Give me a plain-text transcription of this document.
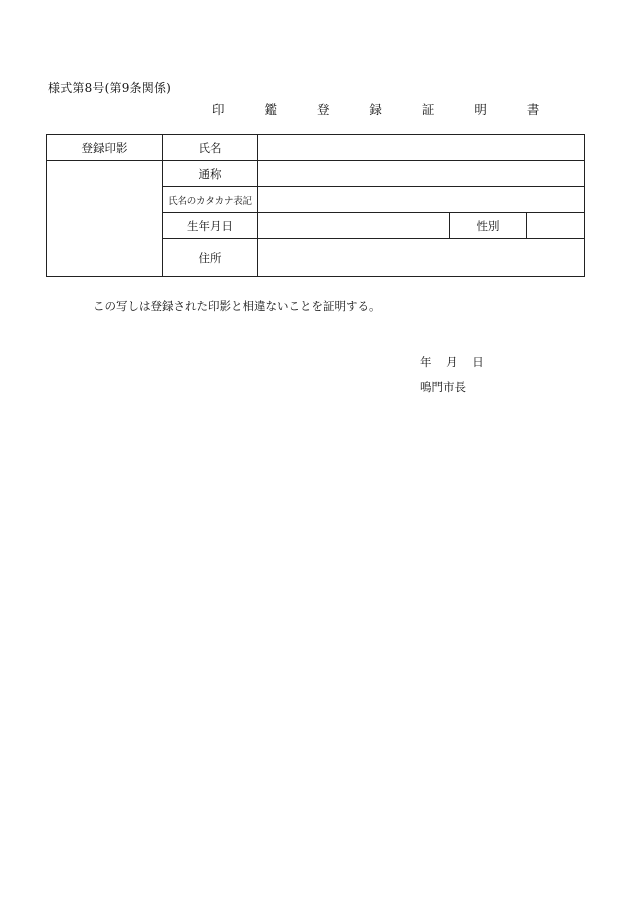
様式第8号(第9条関係)
印 鑑 登 録 証 明 書
登録印影	氏名			
	通称			
	氏名のカタカナ表記			
	生年月日		性別	
	住所			
この写しは登録された印影と相違ないことを証明する。
年 月 日
鳴門市長
